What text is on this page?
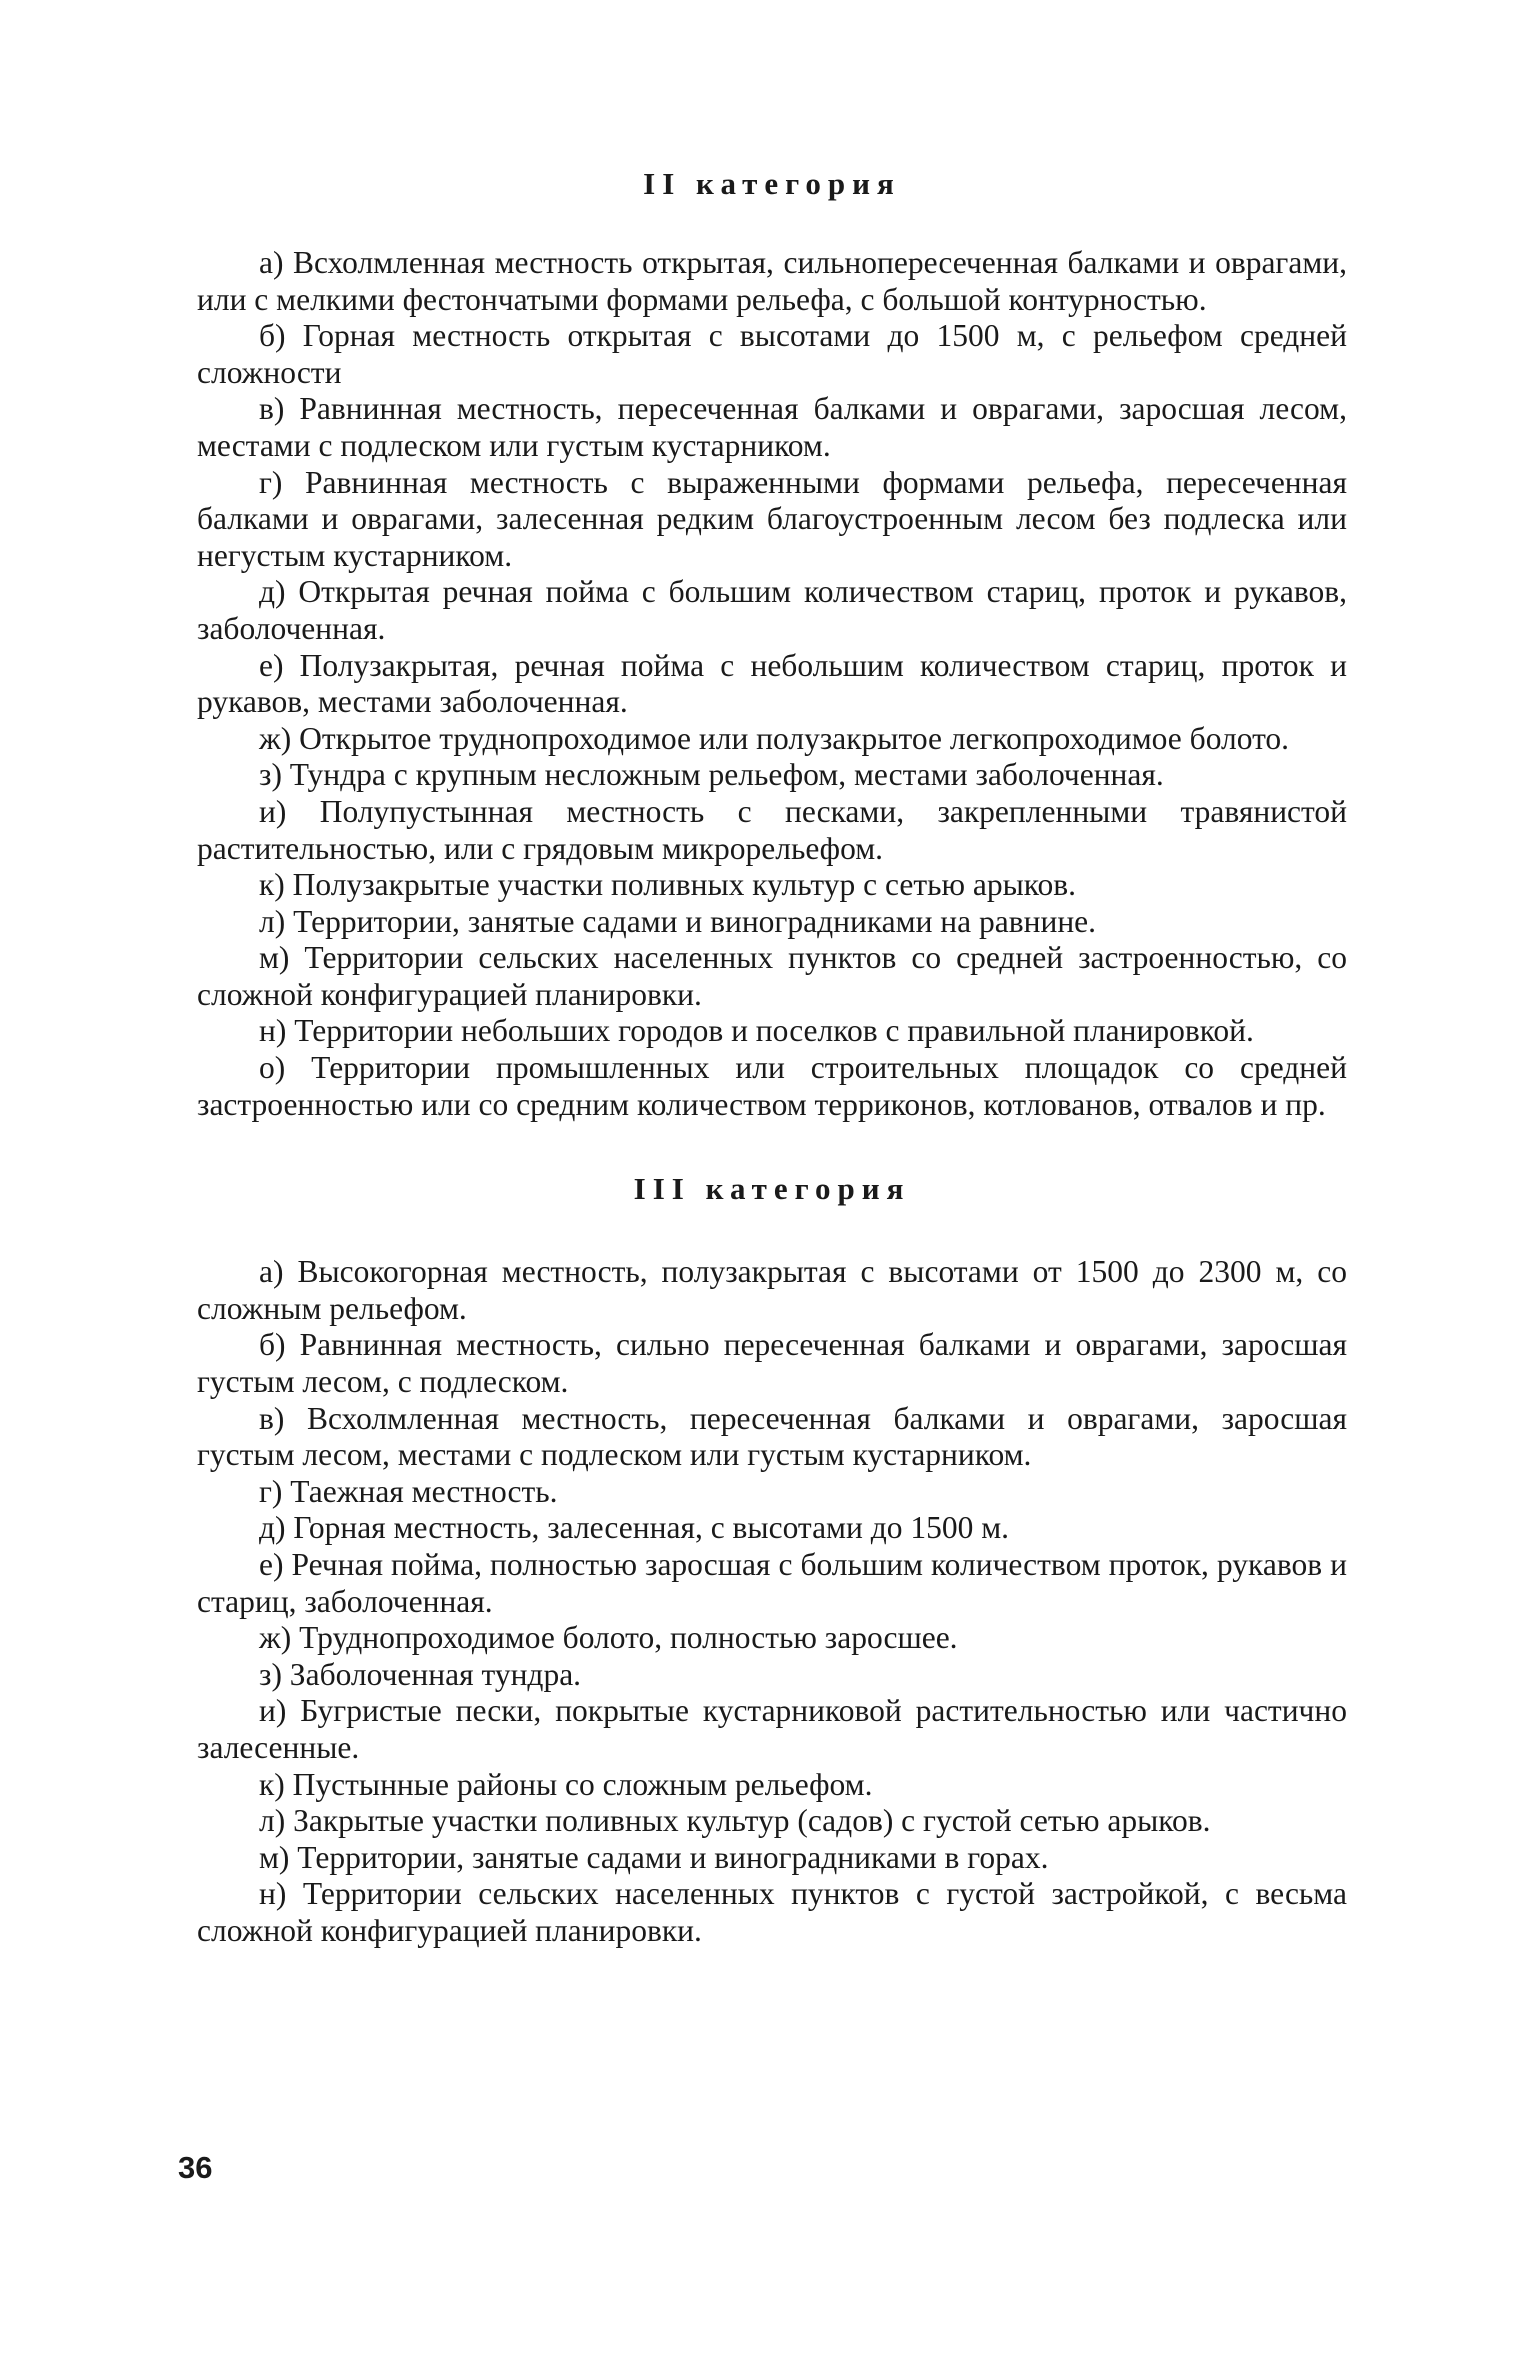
II категория

а) Всхолмленная местность открытая, сильнопересеченная балками и оврагами, или с мелкими фестончатыми формами рельефа, с большой контурностью.

б) Горная местность открытая с высотами до 1500 м, с рельефом средней сложности

в) Равнинная местность, пересеченная балками и оврагами, заросшая лесом, местами с подлеском или густым кустарником.

г) Равнинная местность с выраженными формами рельефа, пересеченная балками и оврагами, залесенная редким благоустроенным лесом без подлеска или негустым кустарником.

д) Открытая речная пойма с большим количеством стариц, проток и рукавов, заболоченная.

е) Полузакрытая, речная пойма с небольшим количеством стариц, проток и рукавов, местами заболоченная.

ж) Открытое труднопроходимое или полузакрытое легкопроходимое болото.

з) Тундра с крупным несложным рельефом, местами заболоченная.

и) Полупустынная местность с песками, закрепленными травянистой растительностью, или с грядовым микрорельефом.

к) Полузакрытые участки поливных культур с сетью арыков.

л) Территории, занятые садами и виноградниками на равнине.

м) Территории сельских населенных пунктов со средней застроенностью, со сложной конфигурацией планировки.

н) Территории небольших городов и поселков с правильной планировкой.

о) Территории промышленных или строительных площадок со средней застроенностью или со средним количеством терриконов, котлованов, отвалов и пр.

III категория

а) Высокогорная местность, полузакрытая с высотами от 1500 до 2300 м, со сложным рельефом.

б) Равнинная местность, сильно пересеченная балками и оврагами, заросшая густым лесом, с подлеском.

в) Всхолмленная местность, пересеченная балками и оврагами, заросшая густым лесом, местами с подлеском или густым кустарником.

г) Таежная местность.

д) Горная местность, залесенная, с высотами до 1500 м.

е) Речная пойма, полностью заросшая с большим количеством проток, рукавов и стариц, заболоченная.

ж) Труднопроходимое болото, полностью заросшее.

з) Заболоченная тундра.

и) Бугристые пески, покрытые кустарниковой растительностью или частично залесенные.

к) Пустынные районы со сложным рельефом.

л) Закрытые участки поливных культур (садов) с густой сетью арыков.

м) Территории, занятые садами и виноградниками в горах.

н) Территории сельских населенных пунктов с густой застройкой, с весьма сложной конфигурацией планировки.

36
